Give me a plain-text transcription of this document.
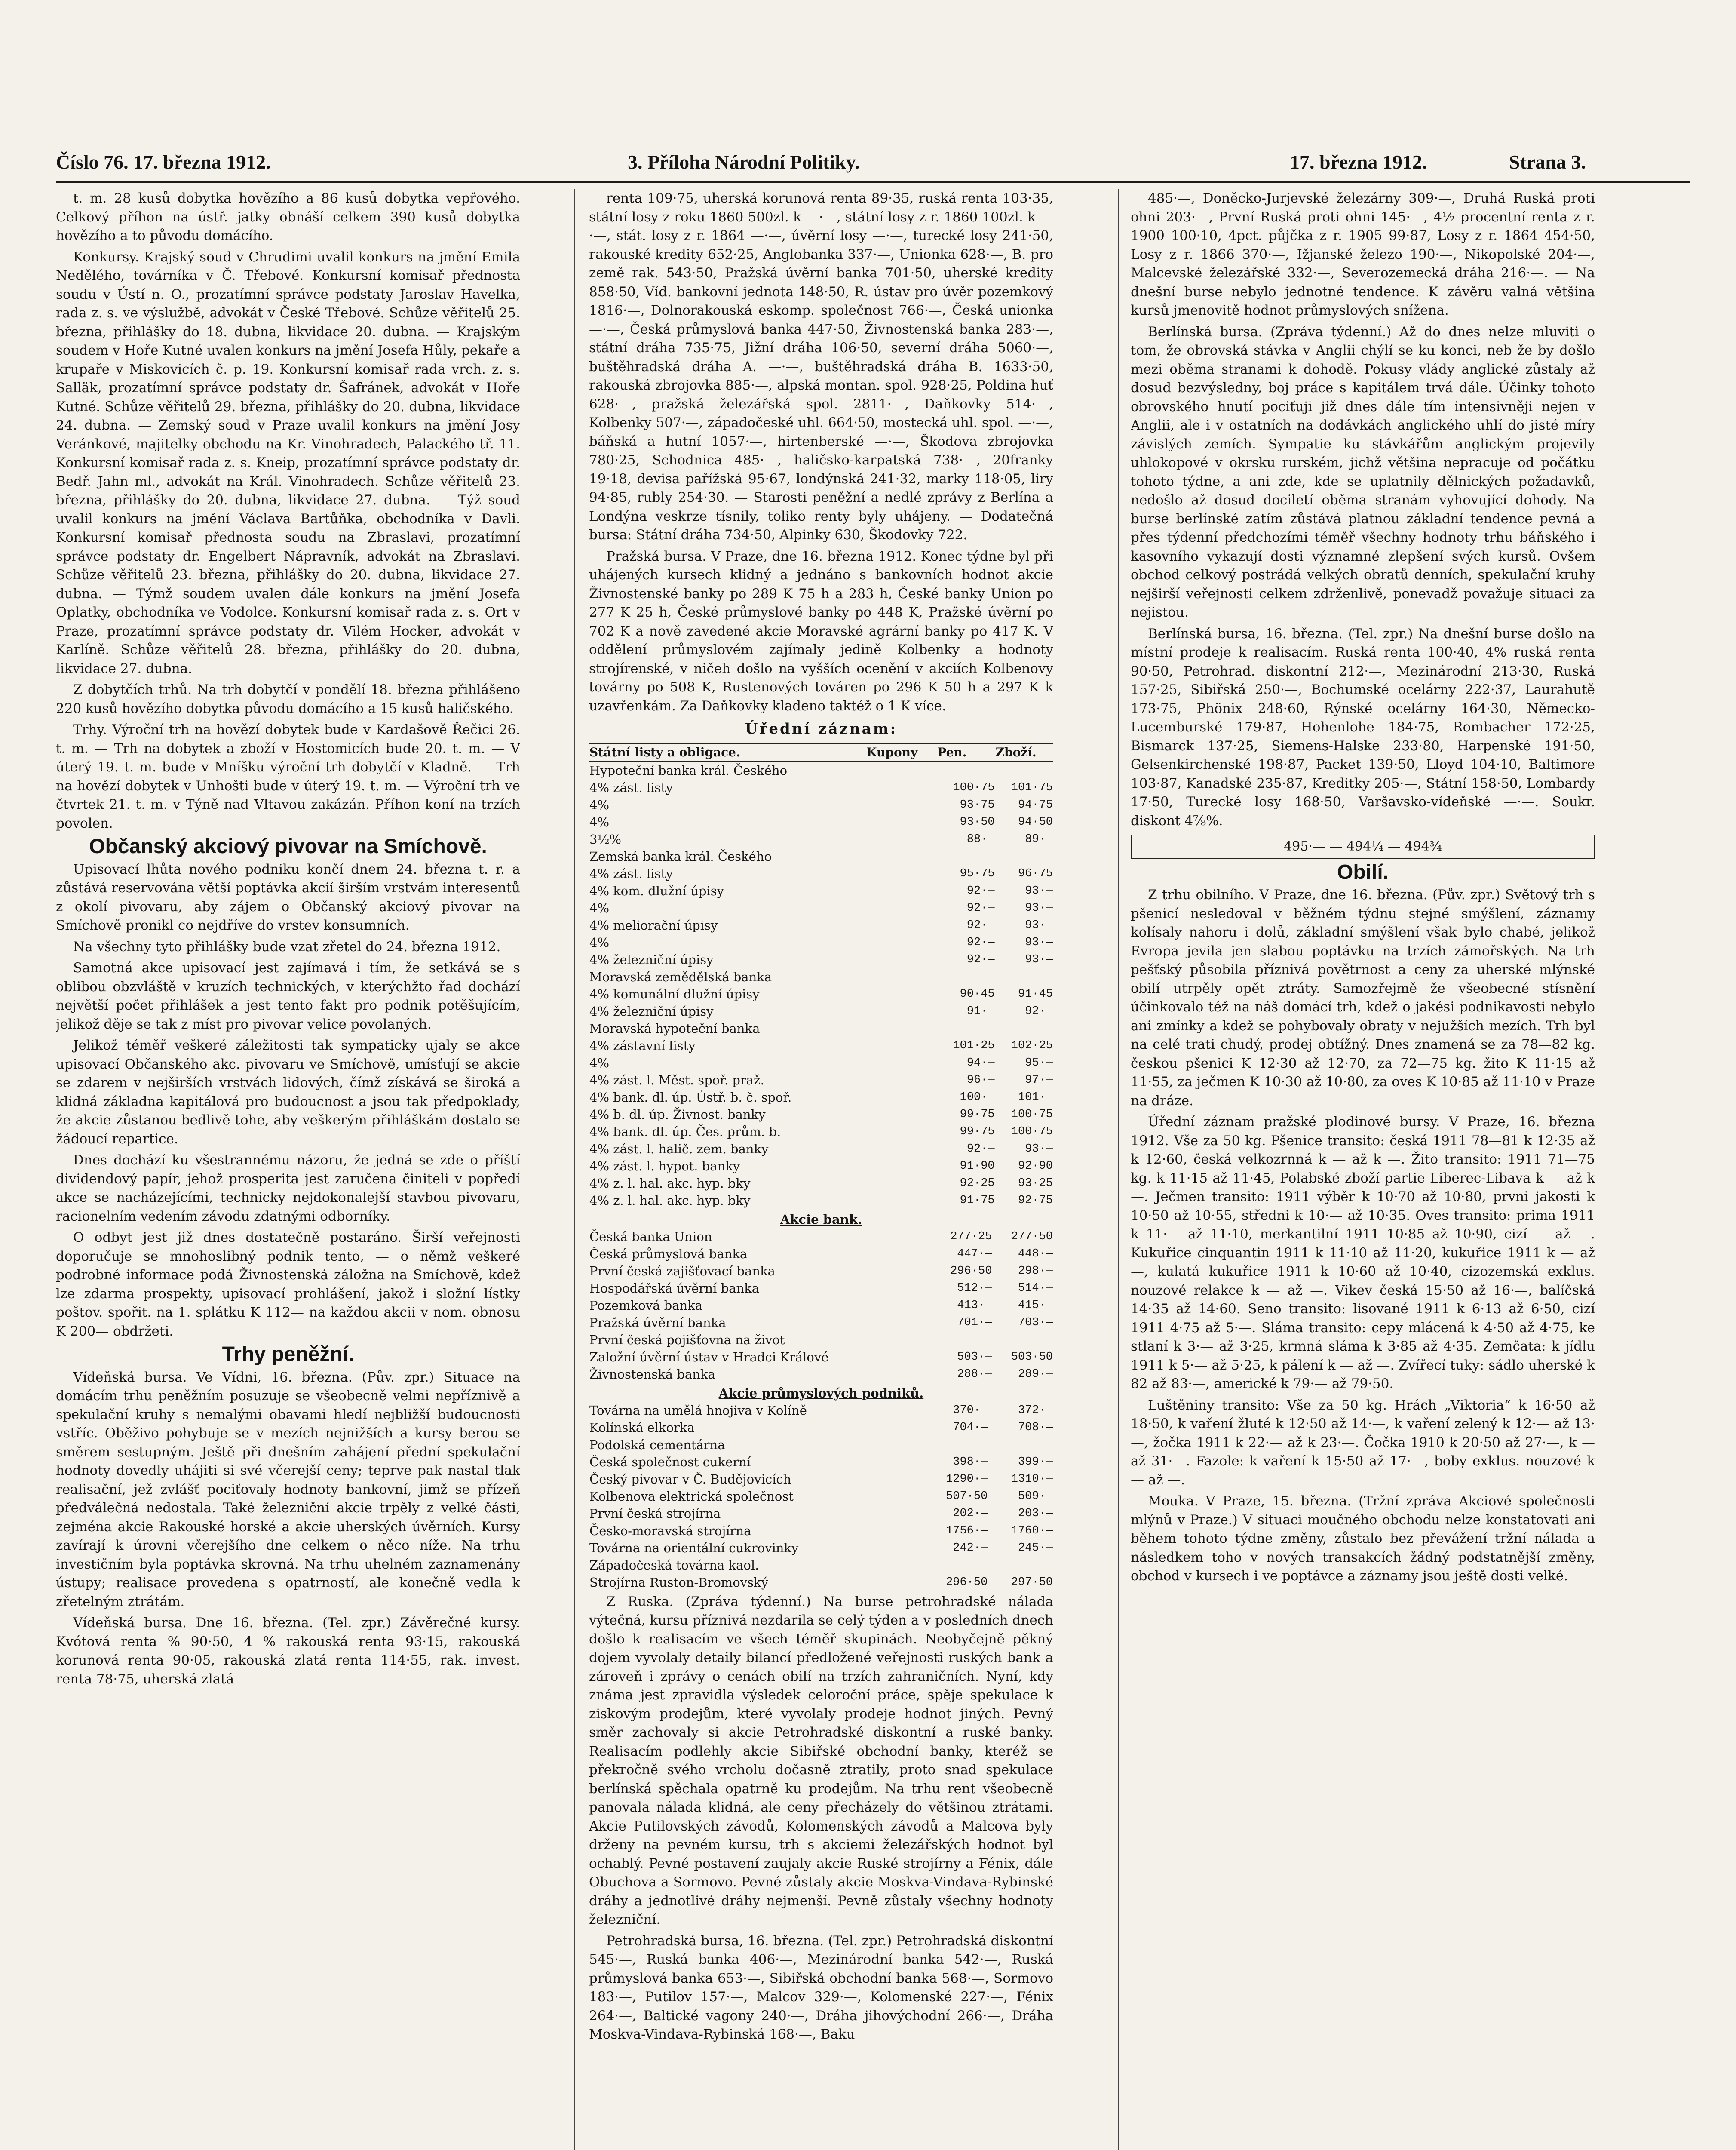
Číslo 76. 17. března 1912.	3. Příloha Národní Politiky.	17. března 1912.	Strana 3.

t. m. 28 kusů dobytka hovězího a 86 kusů dobytka vepřového. Celkový příhon na ústř. jatky obnáší celkem 390 kusů dobytka hovězího a to původu domácího.

Konkursy. Krajský soud v Chrudimi uvalil konkurs na jmění Emila Nedělého, továrníka v Č. Třebové. Konkursní komisař přednosta soudu v Ústí n. O., prozatímní správce podstaty Jaroslav Havelka, rada z. s. ve výslužbě, advokát v České Třebové. Schůze věřitelů 25. března, přihlášky do 18. dubna, likvidace 20. dubna. — Krajským soudem v Hoře Kutné uvalen konkurs na jmění Josefa Hůly, pekaře a krupaře v Miskovicích č. p. 19. Konkursní komisař rada vrch. z. s. Salläk, prozatímní správce podstaty dr. Šafránek, advokát v Hoře Kutné. Schůze věřitelů 29. března, přihlášky do 20. dubna, likvidace 24. dubna. — Zemský soud v Praze uvalil konkurs na jmění Josy Veránkové, majitelky obchodu na Kr. Vinohradech, Palackého tř. 11. Konkursní komisař rada z. s. Kneip, prozatímní správce podstaty dr. Bedř. Jahn ml., advokát na Král. Vinohradech. Schůze věřitelů 23. března, přihlášky do 20. dubna, likvidace 27. dubna. — Týž soud uvalil konkurs na jmění Václava Bartůňka, obchodníka v Davli. Konkursní komisař přednosta soudu na Zbraslavi, prozatímní správce podstaty dr. Engelbert Nápravník, advokát na Zbraslavi. Schůze věřitelů 23. března, přihlášky do 20. dubna, likvidace 27. dubna. — Týmž soudem uvalen dále konkurs na jmění Josefa Oplatky, obchodníka ve Vodolce. Konkursní komisař rada z. s. Ort v Praze, prozatímní správce podstaty dr. Vilém Hocker, advokát v Karlíně. Schůze věřitelů 28. března, přihlášky do 20. dubna, likvidace 27. dubna.

Z dobytčích trhů. Na trh dobytčí v pondělí 18. března přihlášeno 220 kusů hovězího dobytka původu domácího a 15 kusů haličského.

Trhy. Výroční trh na hovězí dobytek bude v Kardašově Řečici 26. t. m. — Trh na dobytek a zboží v Hostomicích bude 20. t. m. — V úterý 19. t. m. bude v Mníšku výroční trh dobytčí v Kladně. — Trh na hovězí dobytek v Unhošti bude v úterý 19. t. m. — Výroční trh ve čtvrtek 21. t. m. v Týně nad Vltavou zakázán. Příhon koní na trzích povolen.

Občanský akciový pivovar na Smíchově.

Upisovací lhůta nového podniku končí dnem 24. března t. r. a zůstává reservována větší poptávka akcií širším vrstvám interesentů z okolí pivovaru, aby zájem o Občanský akciový pivovar na Smíchově pronikl co nejdříve do vrstev konsumních.

Na všechny tyto přihlášky bude vzat zřetel do 24. března 1912.

Samotná akce upisovací jest zajímavá i tím, že setkává se s oblibou obzvláště v kruzích technických, v kterýchžto řad dochází největší počet přihlášek a jest tento fakt pro podnik potěšujícím, jelikož děje se tak z míst pro pivovar velice povolaných.

Jelikož téměř veškeré záležitosti tak sympaticky ujaly se akce upisovací Občanského akc. pivovaru ve Smíchově, umísťují se akcie se zdarem v nejširších vrstvách lidových, čímž získává se široká a klidná základna kapitálová pro budoucnost a jsou tak předpoklady, že akcie zůstanou bedlivě tohe, aby veškerým přihláškám dostalo se žádoucí repartice.

Dnes dochází ku všestrannému názoru, že jedná se zde o příští dividendový papír, jehož prosperita jest zaručena činiteli v popředí akce se nacházejícími, technicky nejdokonalejší stavbou pivovaru, racionelním vedením závodu zdatnými odborníky.

O odbyt jest již dnes dostatečně postaráno. Širší veřejnosti doporučuje se mnohoslibný podnik tento, — o němž veškeré podrobné informace podá Živnostenská záložna na Smíchově, kdež lze zdarma prospekty, upisovací prohlášení, jakož i složní lístky poštov. spořit. na 1. splátku K 112— na každou akcii v nom. obnosu K 200— obdržeti.

Trhy peněžní.

Vídeňská bursa. Ve Vídni, 16. března. (Pův. zpr.) Situace na domácím trhu peněžním posuzuje se všeobecně velmi nepříznivě a spekulační kruhy s nemalými obavami hledí nejbližší budoucnosti vstříc. Oběživo pohybuje se v mezích nejnižších a kursy berou se směrem sestupným. Ještě při dnešním zahájení přední spekulační hodnoty dovedly uhájiti si své včerejší ceny; teprve pak nastal tlak realisační, jež zvlášť pociťovaly hodnoty bankovní, jimž se přízeň předválečná nedostala. Také železniční akcie trpěly z velké části, zejména akcie Rakouské horské a akcie uherských úvěrních. Kursy zavírají k úrovni včerejšího dne celkem o něco níže. Na trhu investičním byla poptávka skrovná. Na trhu uhelném zaznamenány ústupy; realisace provedena s opatrností, ale konečně vedla k zřetelným ztrátám.

Vídeňská bursa. Dne 16. března. (Tel. zpr.) Závěrečné kursy. Kvótová renta % 90·50, 4 % rakouská renta 93·15, rakouská korunová renta 90·05, rakouská zlatá renta 114·55, rak. invest. renta 78·75, uherská zlatá

renta 109·75, uherská korunová renta 89·35, ruská renta 103·35, státní losy z roku 1860 500zl. k —·—, státní losy z r. 1860 100zl. k —·—, stát. losy z r. 1864 —·—, úvěrní losy —·—, turecké losy 241·50, rakouské kredity 652·25, Anglobanka 337·—, Unionka 628·—, B. pro země rak. 543·50, Pražská úvěrní banka 701·50, uherské kredity 858·50, Víd. bankovní jednota 148·50, R. ústav pro úvěr pozemkový 1816·—, Dolnorakouská eskomp. společnost 766·—, Česká unionka —·—, Česká průmyslová banka 447·50, Živnostenská banka 283·—, státní dráha 735·75, Jižní dráha 106·50, severní dráha 5060·—, buštěhradská dráha A. —·—, buštěhradská dráha B. 1633·50, rakouská zbrojovka 885·—, alpská montan. spol. 928·25, Poldina huť 628·—, pražská železářská spol. 2811·—, Daňkovky 514·—, Kolbenky 507·—, západočeské uhl. 664·50, mostecká uhl. spol. —·—, báňská a hutní 1057·—, hirtenberské —·—, Škodova zbrojovka 780·25, Schodnica 485·—, haličsko-karpatská 738·—, 20franky 19·18, devisa pařížská 95·67, londýnská 241·32, marky 118·05, liry 94·85, rubly 254·30. — Starosti peněžní a nedlé zprávy z Berlína a Londýna veskrze tísnily, tolikо renty byly uhájeny. — Dodatečná bursa: Státní dráha 734·50, Alpinky 630, Škodovky 722.

Pražská bursa. V Praze, dne 16. března 1912. Konec týdne byl při uhájených kursech klidný a jednáno s bankovních hodnot akcie Živnostenské banky po 289 K 75 h a 283 h, České banky Union po 277 K 25 h, České průmyslové banky po 448 K, Pražské úvěrní po 702 K a nově zavedené akcie Moravské agrární banky po 417 K. V oddělení průmyslovém zajímaly jedině Kolbenky a hodnoty strojírenské, v ničeh došlo na vyšších ocenění v akciích Kolbenovy továrny po 508 K, Rustenových továren po 296 K 50 h a 297 K k uzavřenkám. Za Daňkovky kladeno taktéž o 1 K více.

Úřední záznam:
Státní listy a obligace.	Kupony	Pen.	Zboží.
Hypoteční banka král. Českého			
4% zást. listy		100·75	101·75
4%		93·75	94·75
4%		93·50	94·50
3½%		88·—	89·—
Zemská banka král. Českého			
4% zást. listy		95·75	96·75
4% kom. dlužní úpisy		92·—	93·—
4%		92·—	93·—
4% meliorační úpisy		92·—	93·—
4%		92·—	93·—
4% železniční úpisy		92·—	93·—
Moravská zemědělská banka			
4% komunální dlužní úpisy		90·45	91·45
4% železniční úpisy		91·—	92·—
Moravská hypoteční banka			
4% zástavní listy		101·25	102·25
4%		94·—	95·—
4% zást. l. Měst. spoř. praž.		96·—	97·—
4% bank. dl. úp. Ústř. b. č. spoř.		100·—	101·—
4% b. dl. úp. Živnost. banky		99·75	100·75
4% bank. dl. úp. Čes. prům. b.		99·75	100·75
4% zást. l. halič. zem. banky		92·—	93·—
4% zást. l. hypot. banky		91·90	92·90
4% z. l. hal. akc. hyp. bky		92·25	93·25
4% z. l. hal. akc. hyp. bky		91·75	92·75
Akcie bank.		
Česká banka Union	277·25	277·50
Česká průmyslová banka	447·—	448·—
První česká zajišťovací banka	296·50	298·—
Hospodářská úvěrní banka	512·—	514·—
Pozemková banka	413·—	415·—
Pražská úvěrní banka	701·—	703·—
První česká pojišťovna na život		
Založní úvěrní ústav v Hradci Králové	503·—	503·50
Živnostenská banka	288·—	289·—
Akcie průmyslových podniků.		
Továrna na umělá hnojiva v Kolíně	370·—	372·—
Kolínská elkorka	704·—	708·—
Podolská cementárna		
Česká společnost cukerní	398·—	399·—
Český pivovar v Č. Budějovicích	1290·—	1310·—
Kolbenova elektrická společnost	507·50	509·—
První česká strojírna	202·—	203·—
Česko-moravská strojírna	1756·—	1760·—
Továrna na orientální cukrovinky	242·—	245·—
Západočeská továrna kaol.		
Strojírna Ruston-Bromovský	296·50	297·50

Z Ruska. (Zpráva týdenní.) Na burse petrohradské nálada výtečná, kursu příznivá nezdarila se celý týden a v posledních dnech došlo k realisacím ve všech téměř skupinách. Neobyčejně pěkný dojem vyvolaly detaily bilancí předložené veřejnosti ruských bank a zároveň i zprávy o cenách obilí na trzích zahraničních. Nyní, kdy známa jest zpravidla výsledek celoroční práce, spěje spekulace k ziskovým prodejům, které vyvolaly prodeje hodnot jiných. Pevný směr zachovaly si akcie Petrohradské diskontní a ruské banky. Realisacím podlehly akcie Sibiřské obchodní banky, kteréž se překročně svého vrcholu dočasně ztratily, proto snad spekulace berlínská spěchala opatrně ku prodejům. Na trhu rent všeobecně panovala nálada klidná, ale ceny přecházely do většinou ztrátami. Akcie Putilovských závodů, Kolomenských závodů a Malcova byly drženy na pevném kursu, trh s akciemi železářských hodnot byl ochablý. Pevné postavení zaujaly akcie Ruské strojírny a Fénix, dále Obuchova a Sormovo. Pevné zůstaly akcie Moskva-Vindava-Rybinské dráhy a jednotlivé dráhy nejmenší. Pevně zůstaly všechny hodnoty železniční.

Petrohradská bursa, 16. března. (Tel. zpr.) Petrohradská diskontní 545·—, Ruská banka 406·—, Mezinárodní banka 542·—, Ruská průmyslová banka 653·—, Sibiřská obchodní banka 568·—, Sormovo 183·—, Putilov 157·—, Malcov 329·—, Kolomenské 227·—, Fénix 264·—, Baltické vagony 240·—, Dráha jihovýchodní 266·—, Dráha Moskva-Vindava-Rybinská 168·—, Baku

485·—, Doněcko-Jurjevské železárny 309·—, Druhá Ruská proti ohni 203·—, První Ruská proti ohni 145·—, 4½ procentní renta z r. 1900 100·10, 4pct. půjčka z r. 1905 99·87, Losy z r. 1864 454·50, Losy z r. 1866 370·—, Ižjanské železo 190·—, Nikopolské 204·—, Malcevské železářské 332·—, Severozemecká dráha 216·—. — Na dnešní burse nebylo jednotné tendence. K závěru valná většina kursů jmenovitě hodnot průmyslových snížena.

Berlínská bursa. (Zpráva týdenní.) Až do dnes nelze mluviti o tom, že obrovská stávka v Anglii chýlí se ku konci, neb že by došlo mezi oběma stranami k dohodě. Pokusy vlády anglické zůstaly až dosud bezvýsledny, boj práce s kapitálem trvá dále. Účinky tohoto obrovského hnutí pociťuji již dnes dále tím intensivněji nejen v Anglii, ale i v ostatních na dodávkách anglického uhlí do jisté míry závislých zemích. Sympatie ku stávkářům anglickým projevily uhlokopové v okrsku rurském, jichž většina nepracuje od počátku tohoto týdne, a ani zde, kde se uplatnily dělnických požadavků, nedošlo až dosud dociletí oběma stranám vyhovující dohody. Na burse berlínské zatím zůstává platnou základní tendence pevná a přes týdenní předchozími téměř všechny hodnoty trhu báňského i kasovního vykazují dosti významné zlepšení svých kursů. Ovšem obchod celkový postrádá velkých obratů denních, spekulační kruhy nejširší veřejnosti celkem zdrženlivě, ponevadž považuje situaci za nejistou.

Berlínská bursa, 16. března. (Tel. zpr.) Na dnešní burse došlo na místní prodeje k realisacím. Ruská renta 100·40, 4% ruská renta 90·50, Petrohrad. diskontní 212·—, Mezinárodní 213·30, Ruská 157·25, Sibiřská 250·—, Bochumské ocelárny 222·37, Laurahutě 173·75, Phönix 248·60, Rýnské ocelárny 164·30, Německo-Lucemburské 179·87, Hohenlohe 184·75, Rombacher 172·25, Bismarck 137·25, Siemens-Halske 233·80, Harpenské 191·50, Gelsenkirchenské 198·87, Packet 139·50, Lloyd 104·10, Baltimore 103·87, Kanadské 235·87, Kreditky 205·—, Státní 158·50, Lombardy 17·50, Turecké losy 168·50, Varšavsko-vídeňské —·—. Soukr. diskont 4⅞%.

495·— — 494¼ — 494¾
Obilí.

Z trhu obilního. V Praze, dne 16. března. (Pův. zpr.) Světový trh s pšenicí nesledoval v běžném týdnu stejné smýšlení, záznamy kolísaly nahoru i dolů, základní smýšlení však bylo chabé, jelikož Evropa jevila jen slabou poptávku na trzích zámořských. Na trh pešťský působila příznivá povětrnost a ceny za uherské mlýnské obilí utrpěly opět ztráty. Samozřejmě že všeobecné stísnění účinkovalo též na náš domácí trh, kdež o jakési podnikavosti nebylo ani zmínky a kdež se pohybovaly obraty v nejužších mezích. Trh byl na celé trati chudý, prodej obtížný. Dnes znamená se za 78—82 kg. českou pšenici K 12·30 až 12·70, za 72—75 kg. žito K 11·15 až 11·55, za ječmen K 10·30 až 10·80, za oves K 10·85 až 11·10 v Praze na dráze.

Úřední záznam pražské plodinové bursy. V Praze, 16. března 1912. Vše za 50 kg. Pšenice transito: česká 1911 78—81 k 12·35 až k 12·60, česká velkozrnná k — až k —. Žito transito: 1911 71—75 kg. k 11·15 až 11·45, Polabské zboží partie Liberec-Libava k — až k —. Ječmen transito: 1911 výběr k 10·70 až 10·80, prvni jakosti k 10·50 až 10·55, středni k 10·— až 10·35. Oves transito: prima 1911 k 11·— až 11·10, merkantilní 1911 10·85 až 10·90, cizí — až —. Kukuřice cinquantin 1911 k 11·10 až 11·20, kukuřice 1911 k — až —, kulatá kukuřice 1911 k 10·60 až 10·40, cizozemská exklus. nouzové relakce k — až —. Vikev česká 15·50 až 16·—, balíčská 14·35 až 14·60. Seno transito: lisované 1911 k 6·13 až 6·50, cizí 1911 4·75 až 5·—. Sláma transito: cepy mlácená k 4·50 až 4·75, ke stlaní k 3·— až 3·25, krmná sláma k 3·85 až 4·35. Zemčata: k jídlu 1911 k 5·— až 5·25, k pálení k — až —. Zvířecí tuky: sádlo uherské k 82 až 83·—, americké k 79·— až 79·50.

Luštěniny transito: Vše za 50 kg. Hrách „Viktoria“ k 16·50 až 18·50, k vaření žluté k 12·50 až 14·—, k vaření zelený k 12·— až 13·—, žočka 1911 k 22·— až k 23·—. Čočka 1910 k 20·50 až 27·—, k — až 31·—. Fazole: k vaření k 15·50 až 17·—, boby exklus. nouzové k — až —.

Mouka. V Praze, 15. března. (Tržní zpráva Akciové společnosti mlýnů v Praze.) V situaci moučného obchodu nelze konstatovati ani během tohoto týdne změny, zůstalo bez převážení tržní nálada a následkem toho v nových transakcích žádný podstatnější změny, obchod v kursech i ve poptávce a záznamy jsou ještě dosti velké.
